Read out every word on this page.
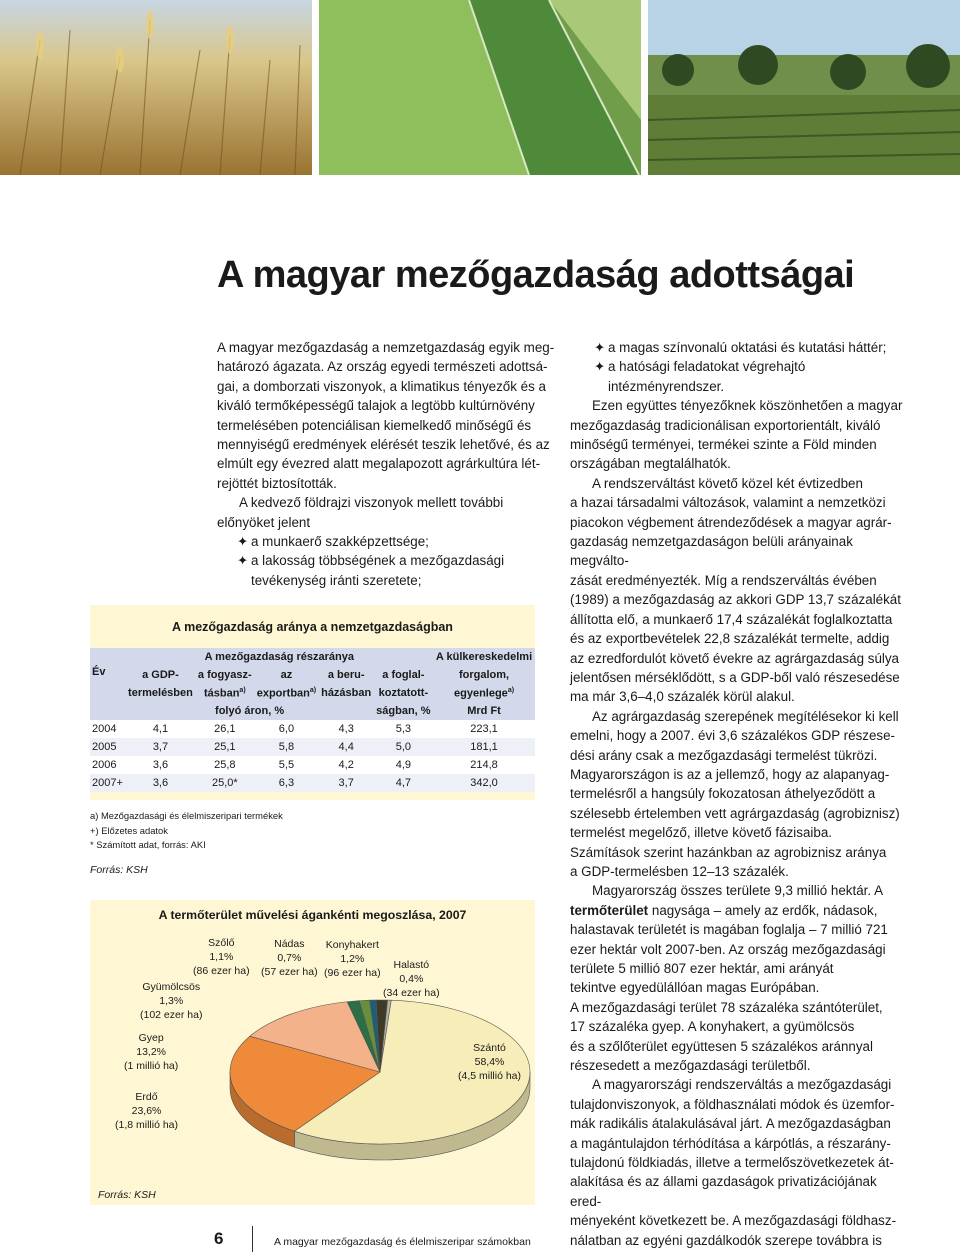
A magyar mezőgazdaság adottságai

A magyar mezőgazdaság a nemzetgazdaság egyik meg-

határozó ágazata. Az ország egyedi természeti adottsá-

gai, a domborzati viszonyok, a klimatikus tényezők és a

kiváló termőképességű talajok a legtöbb kultúrnövény

termelésében potenciálisan kiemelkedő minőségű és

mennyiségű eredmények elérését teszik lehetővé, és az

elmúlt egy évezred alatt megalapozott agrárkultúra lét-

rejöttét biztosították.

A kedvező földrajzi viszonyok mellett további

előnyöket jelent

✦ a munkaerő szakképzettsége;

✦ a lakosság többségének a mezőgazdasági

tevékenység iránti szeretete;

✦ a magas színvonalú oktatási és kutatási háttér;

✦ a hatósági feladatokat végrehajtó

intézményrendszer.

Ezen együttes tényezőknek köszönhetően a magyar

mezőgazdaság tradicionálisan exportorientált, kiváló

minőségű terményei, termékei szinte a Föld minden

országában megtalálhatók.

A rendszerváltást követő közel két évtizedben

a hazai társadalmi változások, valamint a nemzetközi

piacokon végbement átrendeződések a magyar agrár-

gazdaság nemzetgazdaságon belüli arányainak megválto-

zását eredményezték. Míg a rendszerváltás évében

(1989) a mezőgazdaság az akkori GDP 13,7 százalékát

állította elő, a munkaerő 17,4 százalékát foglalkoztatta

és az exportbevételek 22,8 százalékát termelte, addig

az ezredfordulót követő évekre az agrárgazdaság súlya

jelentősen mérséklődött, s a GDP-ből való részesedése

ma már 3,6–4,0 százalék körül alakul.

Az agrárgazdaság szerepének megítélésekor ki kell

emelni, hogy a 2007. évi 3,6 százalékos GDP részese-

dési arány csak a mezőgazdasági termelést tükrözi.

Magyarországon is az a jellemző, hogy az alapanyag-

termelésről a hangsúly fokozatosan áthelyeződött a

szélesebb értelemben vett agrárgazdaság (agrobiznisz)

termelést megelőző, illetve követő fázisaiba.

Számítások szerint hazánkban az agrobiznisz aránya

a GDP-termelésben 12–13 százalék.

Magyarország összes területe 9,3 millió hektár. A

termőterület nagysága – amely az erdők, nádasok,

halastavak területét is magában foglalja – 7 millió 721

ezer hektár volt 2007-ben. Az ország mezőgazdasági

területe 5 millió 807 ezer hektár, ami arányát

tekintve egyedülállóan magas Európában.

A mezőgazdasági terület 78 százaléka szántóterület,

17 százaléka gyep. A konyhakert, a gyümölcsös

és a szőlőterület együttesen 5 százalékos aránnyal

részesedett a mezőgazdasági területből.

A magyarországi rendszerváltás a mezőgazdasági

tulajdonviszonyok, a földhasználati módok és üzemfor-

mák radikális átalakulásával járt. A mezőgazdaságban

a magántulajdon térhódítása a kárpótlás, a részarány-

tulajdonú földkiadás, illetve a termelőszövetkezetek át-

alakítása és az állami gazdaságok privatizációjának ered-

ményeként következett be. A mezőgazdasági földhasz-

nálatban az egyéni gazdálkodók szerepe továbbra is

A mezőgazdaság aránya a nemzetgazdaságban
Év	A mezőgazdaság részaránya					A külkereskedelmi
	a GDP-	a fogyasz-	az	a beru-	a foglal-	forgalom,
	termelésben	tásban$^{a)}$	exportban$^{a)}$	házásban	koztatott-	egyenlege$^{a)}$
	folyó áron, %				ságban, %	Mrd Ft
2004	4,1	26,1	6,0	4,3	5,3	223,1
2005	3,7	25,1	5,8	4,4	5,0	181,1
2006	3,6	25,8	5,5	4,2	4,9	214,8
2007+	3,6	25,0*	6,3	3,7	4,7	342,0
a) Mezőgazdasági és élelmiszeripari termékek
+) Előzetes adatok
* Számított adat, forrás: AKI
Forrás: KSH
A termőterület művelési ágankénti megoszlása, 2007
Szőlő
1,1%
(86 ezer ha)
Nádas
0,7%
(57 ezer ha)
Konyhakert
1,2%
(96 ezer ha)
Halastó
0,4%
(34 ezer ha)
Gyümölcsös
1,3%
(102 ezer ha)
Gyep
13,2%
(1 millió ha)
Erdő
23,6%
(1,8 millió ha)
Szántó
58,4%
(4,5 millió ha)
Forrás: KSH
6	A magyar mezőgazdaság és élelmiszeripar számokban
